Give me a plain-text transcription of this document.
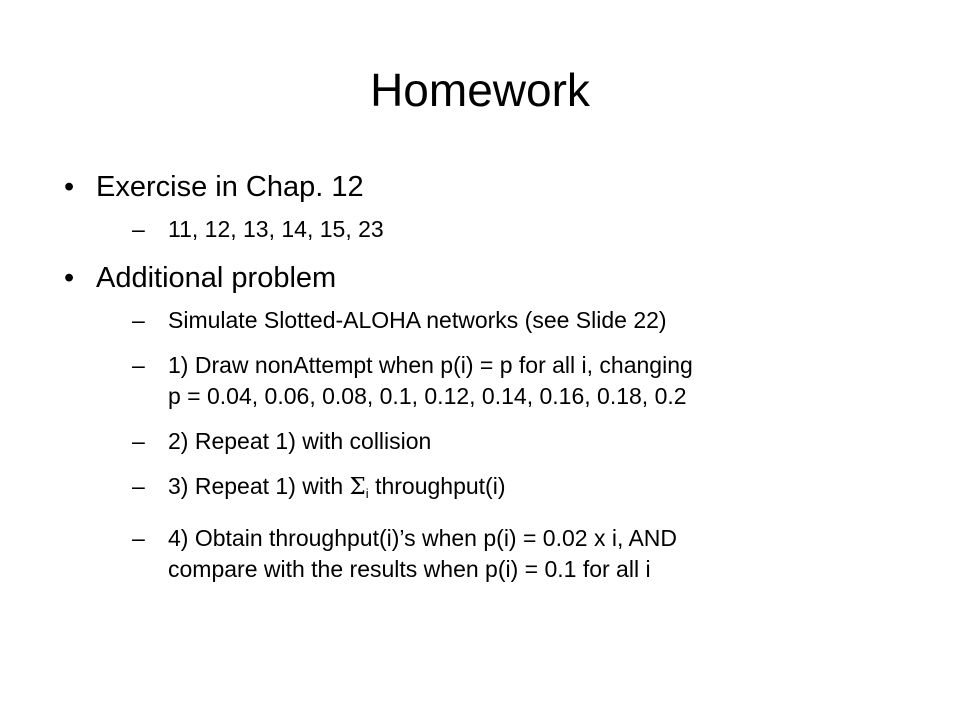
Homework
• Exercise in Chap. 12
– 11, 12, 13, 14, 15, 23
• Additional problem
– Simulate Slotted-ALOHA networks (see Slide 22)
– 1) Draw nonAttempt when p(i) = p for all i, changing
p = 0.04, 0.06, 0.08, 0.1, 0.12, 0.14, 0.16, 0.18, 0.2
– 2) Repeat 1) with collision
– 3) Repeat 1) with $\Sigma_i$ throughput(i)
– 4) Obtain throughput(i)’s when p(i) = 0.02 x i, AND
compare with the results when p(i) = 0.1 for all i
